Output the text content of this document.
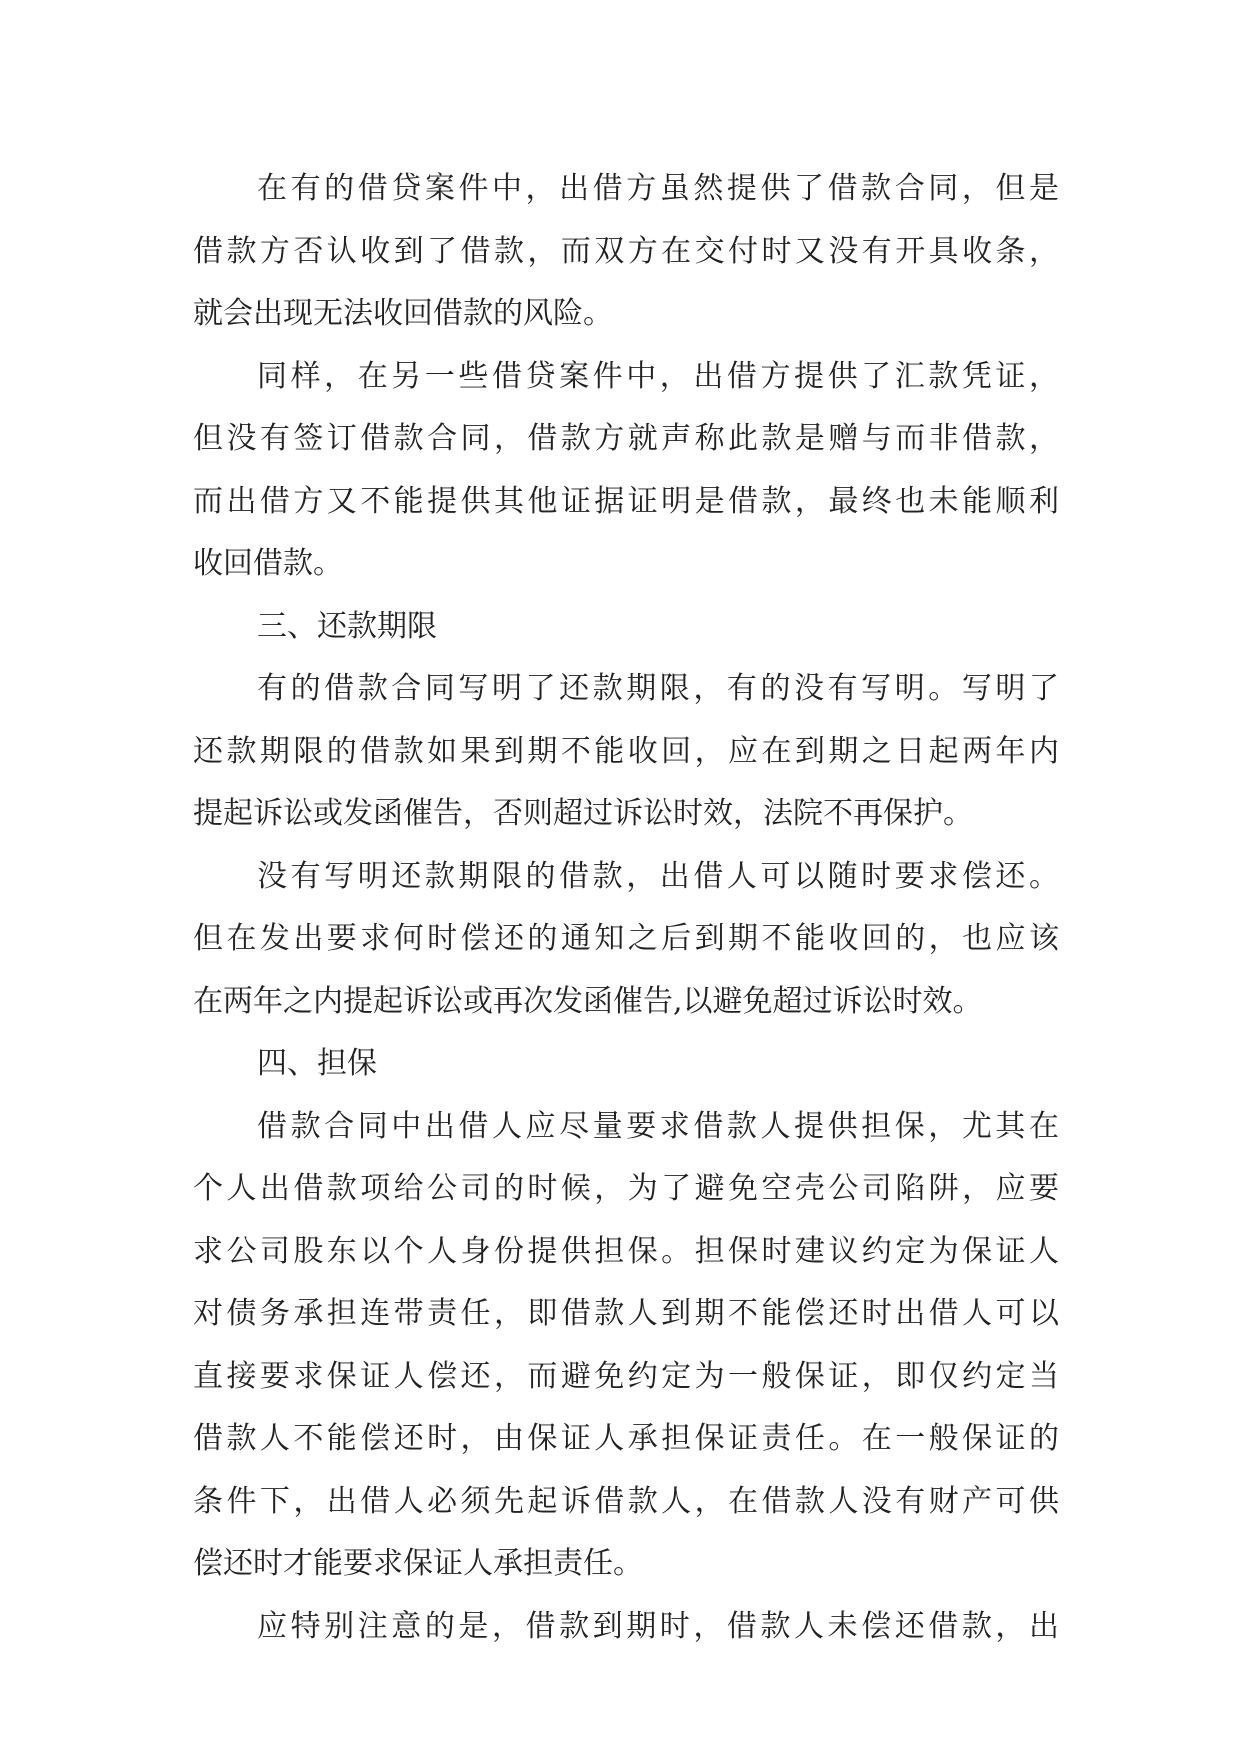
在有的借贷案件中，出借方虽然提供了借款合同，但是
借款方否认收到了借款，而双方在交付时又没有开具收条，
就会出现无法收回借款的风险。
同样，在另一些借贷案件中，出借方提供了汇款凭证，
但没有签订借款合同，借款方就声称此款是赠与而非借款，
而出借方又不能提供其他证据证明是借款，最终也未能顺利
收回借款。
三、还款期限
有的借款合同写明了还款期限，有的没有写明。写明了
还款期限的借款如果到期不能收回，应在到期之日起两年内
提起诉讼或发函催告，否则超过诉讼时效，法院不再保护。
没有写明还款期限的借款，出借人可以随时要求偿还。
但在发出要求何时偿还的通知之后到期不能收回的，也应该
在两年之内提起诉讼或再次发函催告,以避免超过诉讼时效。
四、担保
借款合同中出借人应尽量要求借款人提供担保，尤其在
个人出借款项给公司的时候，为了避免空壳公司陷阱，应要
求公司股东以个人身份提供担保。担保时建议约定为保证人
对债务承担连带责任，即借款人到期不能偿还时出借人可以
直接要求保证人偿还，而避免约定为一般保证，即仅约定当
借款人不能偿还时，由保证人承担保证责任。在一般保证的
条件下，出借人必须先起诉借款人，在借款人没有财产可供
偿还时才能要求保证人承担责任。
应特别注意的是，借款到期时，借款人未偿还借款，出
